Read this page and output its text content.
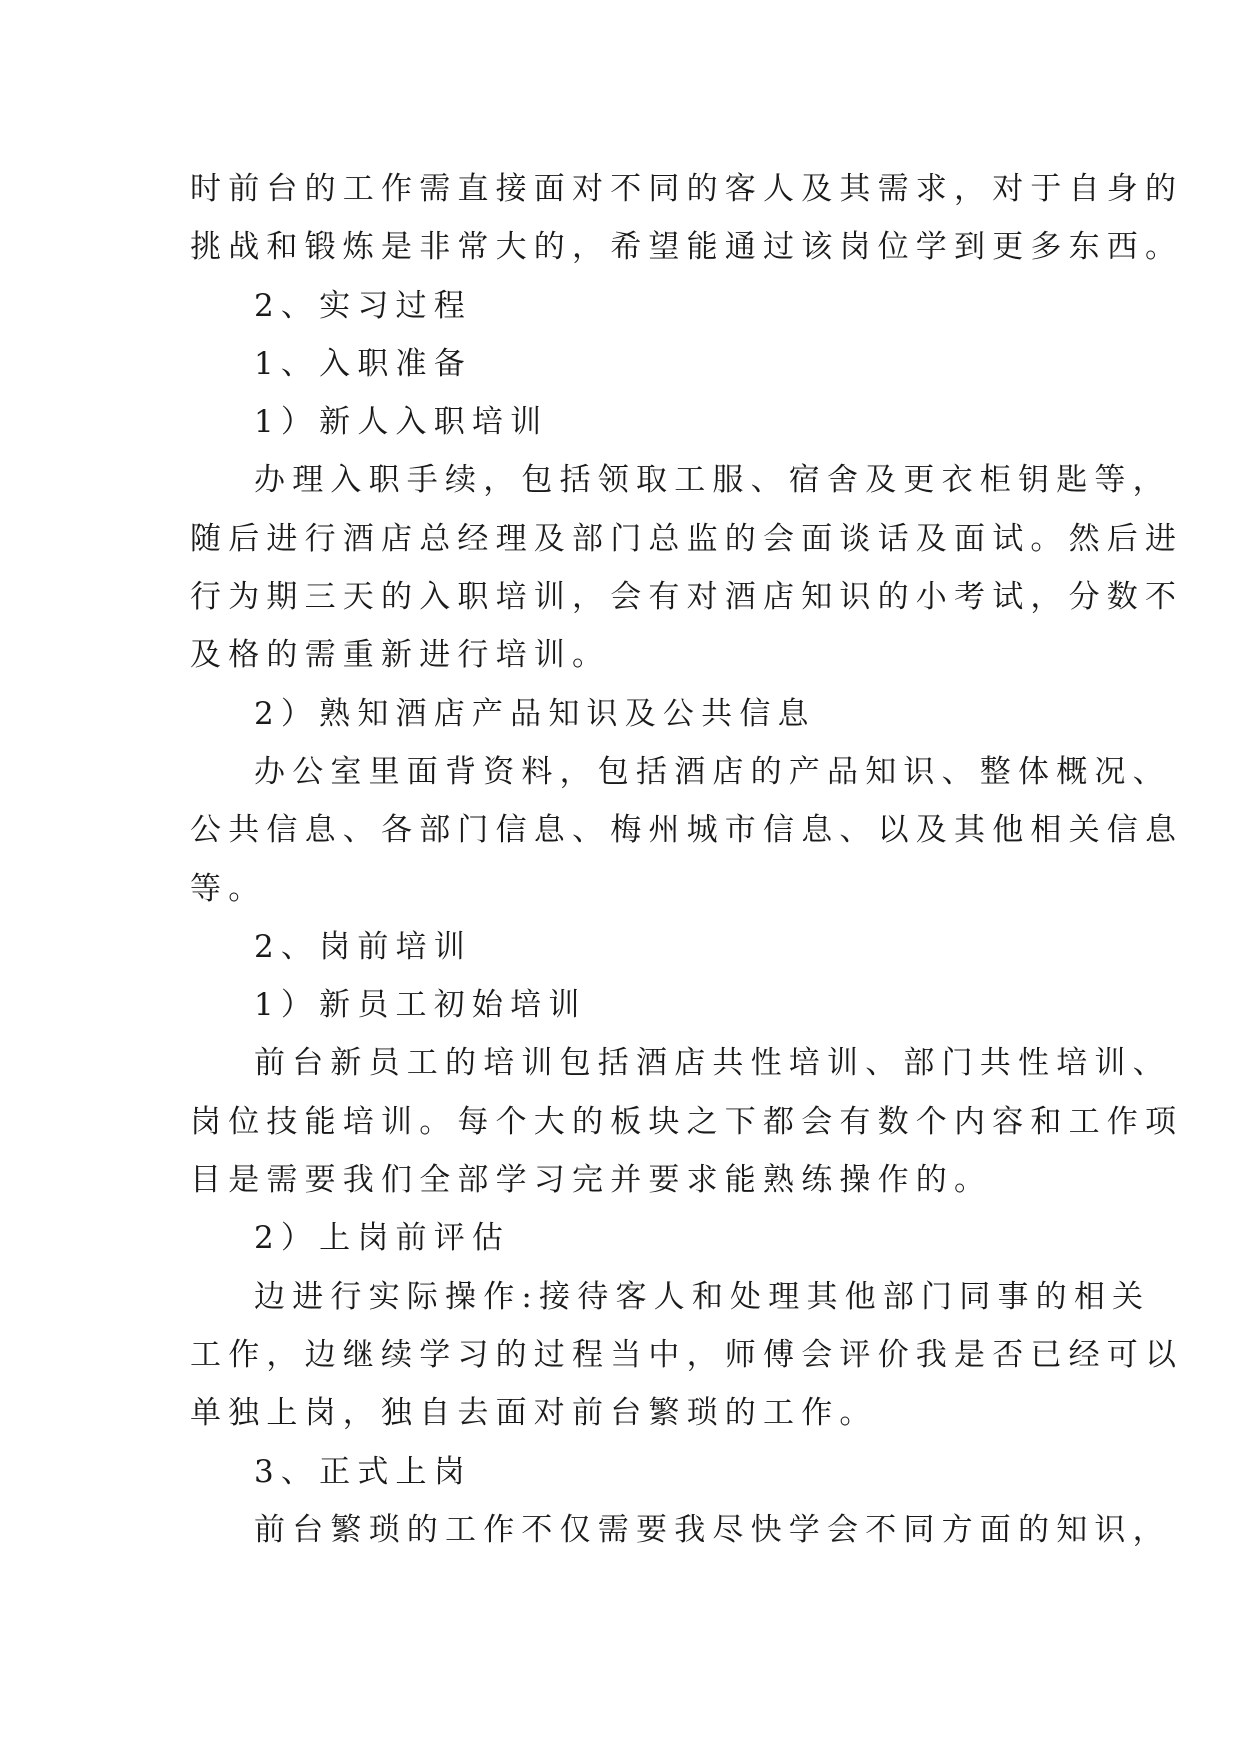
时前台的工作需直接面对不同的客人及其需求，对于自身的
挑战和锻炼是非常大的，希望能通过该岗位学到更多东西。
2、实习过程
1、入职准备
1）新人入职培训
办理入职手续，包括领取工服、宿舍及更衣柜钥匙等，
随后进行酒店总经理及部门总监的会面谈话及面试。然后进
行为期三天的入职培训，会有对酒店知识的小考试，分数不
及格的需重新进行培训。
2）熟知酒店产品知识及公共信息
办公室里面背资料，包括酒店的产品知识、整体概况、
公共信息、各部门信息、梅州城市信息、以及其他相关信息
等。
2、岗前培训
1）新员工初始培训
前台新员工的培训包括酒店共性培训、部门共性培训、
岗位技能培训。每个大的板块之下都会有数个内容和工作项
目是需要我们全部学习完并要求能熟练操作的。
2）上岗前评估
边进行实际操作:接待客人和处理其他部门同事的相关
工作，边继续学习的过程当中，师傅会评价我是否已经可以
单独上岗，独自去面对前台繁琐的工作。
3、正式上岗
前台繁琐的工作不仅需要我尽快学会不同方面的知识，
